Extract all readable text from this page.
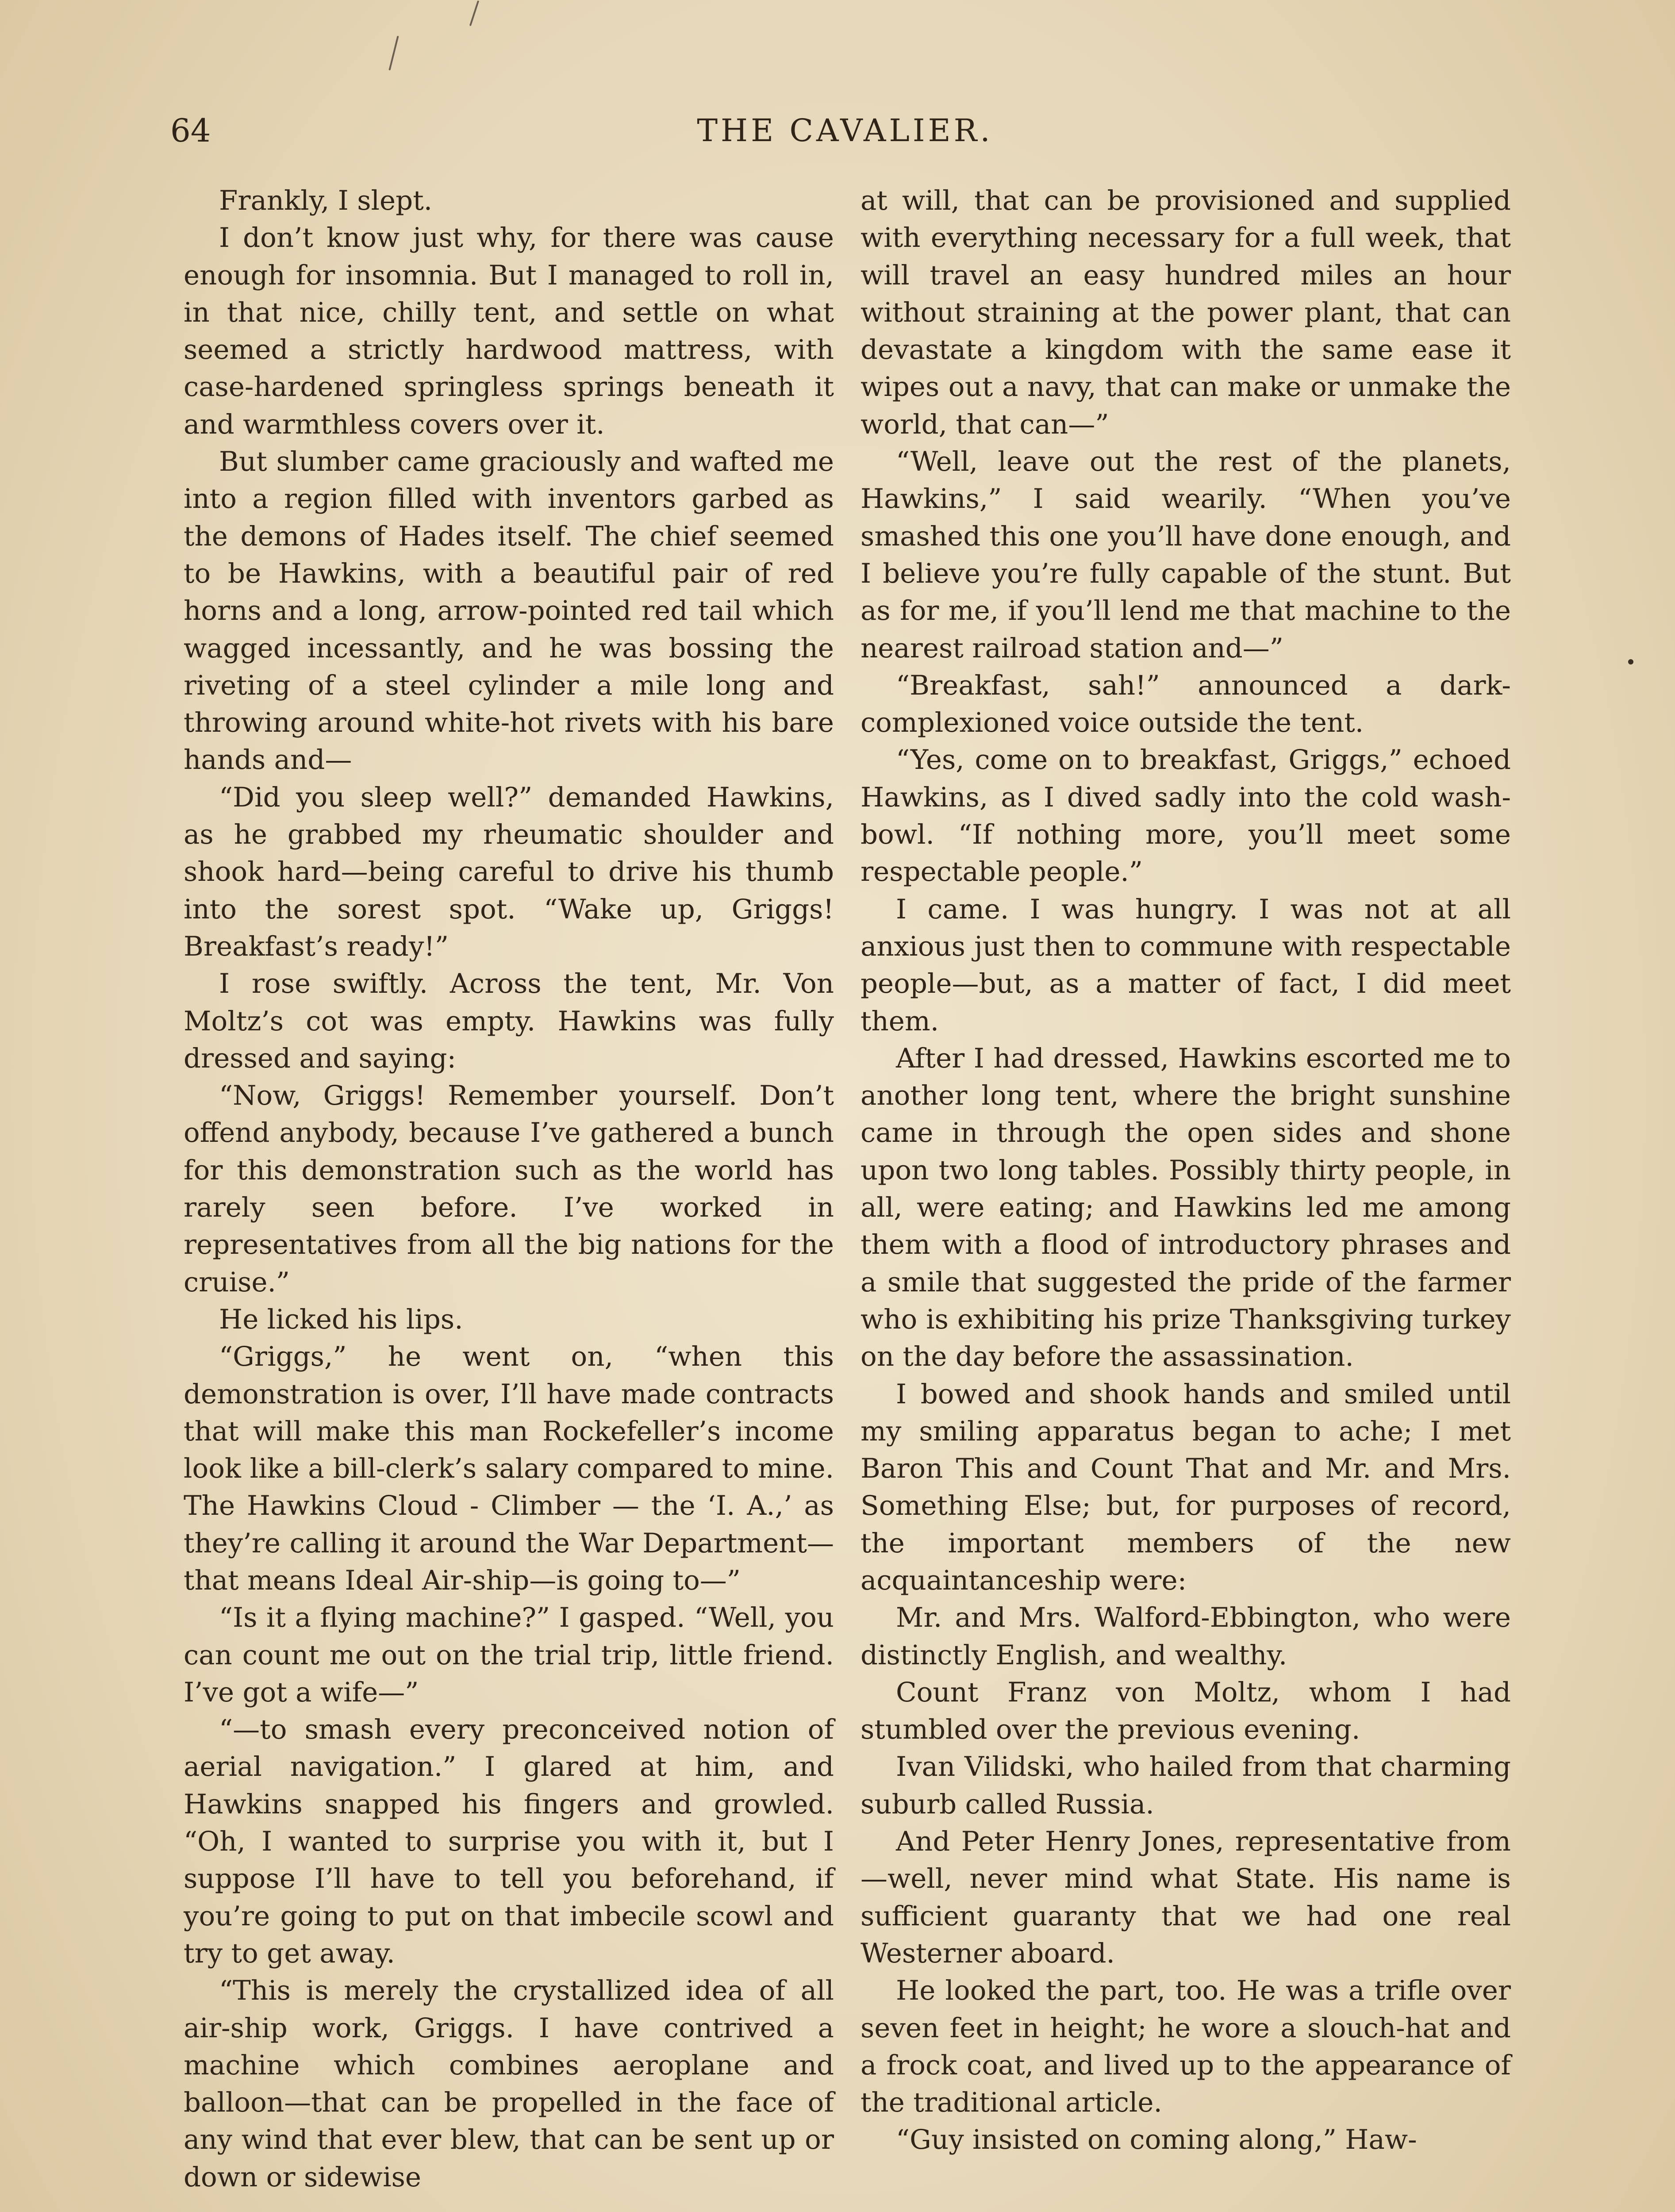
64	THE CAVALIER.

Frankly, I slept.

I don’t know just why, for there was cause enough for insomnia. But I managed to roll in, in that nice, chilly tent, and settle on what seemed a strictly hardwood mattress, with case-hardened springless springs beneath it and warmthless covers over it.

But slumber came graciously and wafted me into a region filled with inventors garbed as the demons of Hades itself. The chief seemed to be Hawkins, with a beautiful pair of red horns and a long, arrow-pointed red tail which wagged incessantly, and he was bossing the riveting of a steel cylinder a mile long and throwing around white-hot rivets with his bare hands and—

“Did you sleep well?” demanded Hawkins, as he grabbed my rheumatic shoulder and shook hard—being careful to drive his thumb into the sorest spot. “Wake up, Griggs! Breakfast’s ready!”

I rose swiftly. Across the tent, Mr. Von Moltz’s cot was empty. Hawkins was fully dressed and saying:

“Now, Griggs! Remember yourself. Don’t offend anybody, because I’ve gathered a bunch for this demonstration such as the world has rarely seen before. I’ve worked in representatives from all the big nations for the cruise.”

He licked his lips.

“Griggs,” he went on, “when this demonstration is over, I’ll have made contracts that will make this man Rockefeller’s income look like a bill-clerk’s salary compared to mine. The Hawkins Cloud - Climber — the ‘I. A.,’ as they’re calling it around the War Department—that means Ideal Air-ship—is going to—”

“Is it a flying machine?” I gasped. “Well, you can count me out on the trial trip, little friend. I’ve got a wife—”

“—to smash every preconceived notion of aerial navigation.” I glared at him, and Hawkins snapped his fingers and growled. “Oh, I wanted to surprise you with it, but I suppose I’ll have to tell you beforehand, if you’re going to put on that imbecile scowl and try to get away.

“This is merely the crystallized idea of all air-ship work, Griggs. I have contrived a machine which combines aeroplane and balloon—that can be propelled in the face of any wind that ever blew, that can be sent up or down or sidewise

at will, that can be provisioned and supplied with everything necessary for a full week, that will travel an easy hundred miles an hour without straining at the power plant, that can devastate a kingdom with the same ease it wipes out a navy, that can make or unmake the world, that can—”

“Well, leave out the rest of the planets, Hawkins,” I said wearily. “When you’ve smashed this one you’ll have done enough, and I believe you’re fully capable of the stunt. But as for me, if you’ll lend me that machine to the nearest railroad station and—”

“Breakfast, sah!” announced a dark-complexioned voice outside the tent.

“Yes, come on to breakfast, Griggs,” echoed Hawkins, as I dived sadly into the cold wash-bowl. “If nothing more, you’ll meet some respectable people.”

I came. I was hungry. I was not at all anxious just then to commune with respectable people—but, as a matter of fact, I did meet them.

After I had dressed, Hawkins escorted me to another long tent, where the bright sunshine came in through the open sides and shone upon two long tables. Possibly thirty people, in all, were eating; and Hawkins led me among them with a flood of introductory phrases and a smile that suggested the pride of the farmer who is exhibiting his prize Thanksgiving turkey on the day before the assassination.

I bowed and shook hands and smiled until my smiling apparatus began to ache; I met Baron This and Count That and Mr. and Mrs. Something Else; but, for purposes of record, the important members of the new acquaintanceship were:

Mr. and Mrs. Walford-Ebbington, who were distinctly English, and wealthy.

Count Franz von Moltz, whom I had stumbled over the previous evening.

Ivan Vilidski, who hailed from that charming suburb called Russia.

And Peter Henry Jones, representative from—well, never mind what State. His name is sufficient guaranty that we had one real Westerner aboard.

He looked the part, too. He was a trifle over seven feet in height; he wore a slouch-hat and a frock coat, and lived up to the appearance of the traditional article.

“Guy insisted on coming along,” Haw-
